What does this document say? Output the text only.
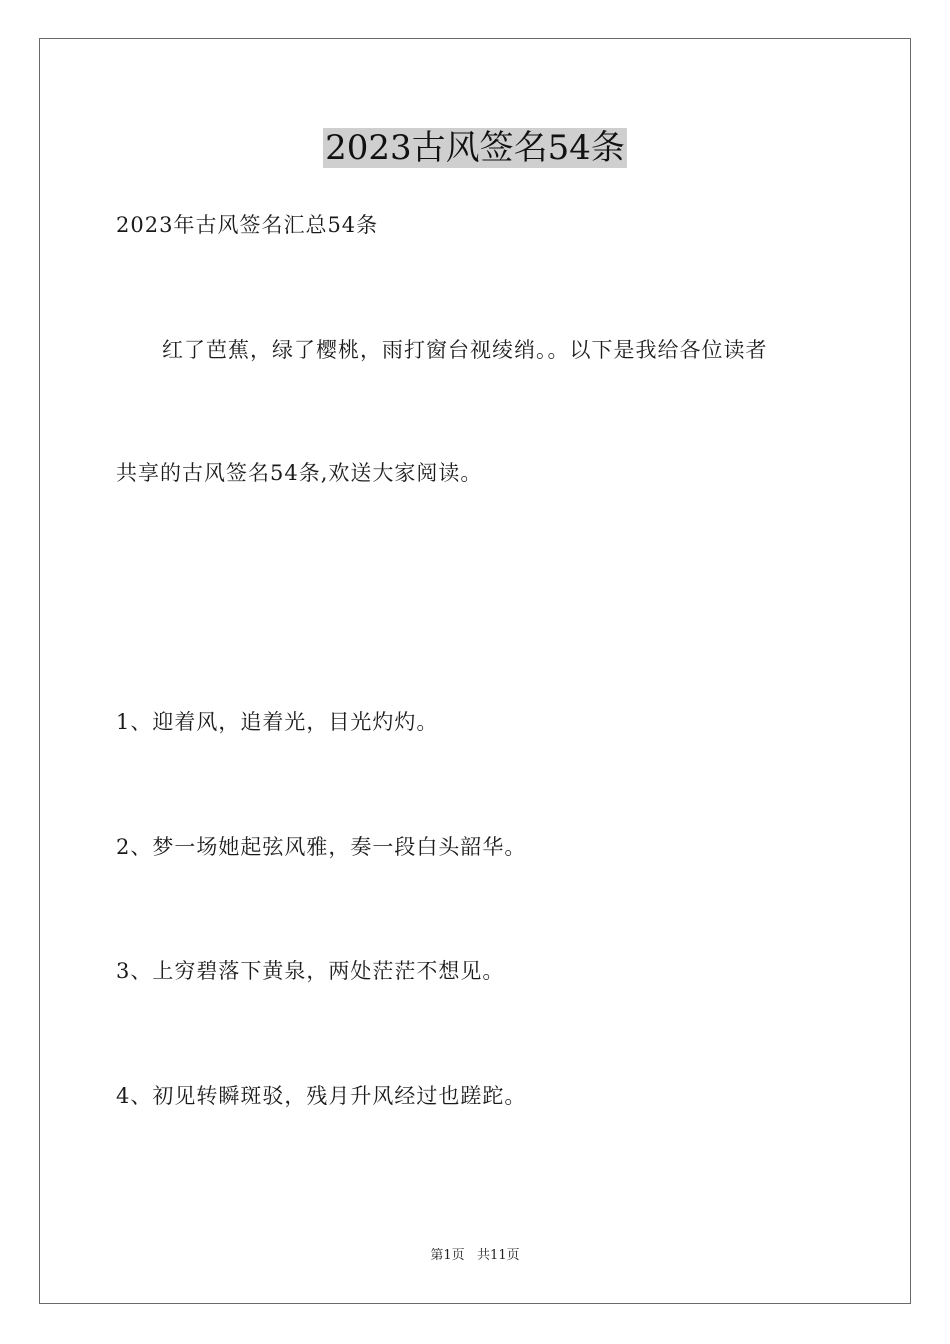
2023古风签名54条
2023年古风签名汇总54条
红了芭蕉，绿了樱桃，雨打窗台视绫绡。。以下是我给各位读者
共享的古风签名54条,欢送大家阅读。
1、迎着风，追着光，目光灼灼。
2、梦一场她起弦风雅，奏一段白头韶华。
3、上穷碧落下黄泉，两处茫茫不想见。
4、初见转瞬斑驳，残月升风经过也蹉跎。
第1页   共11页
